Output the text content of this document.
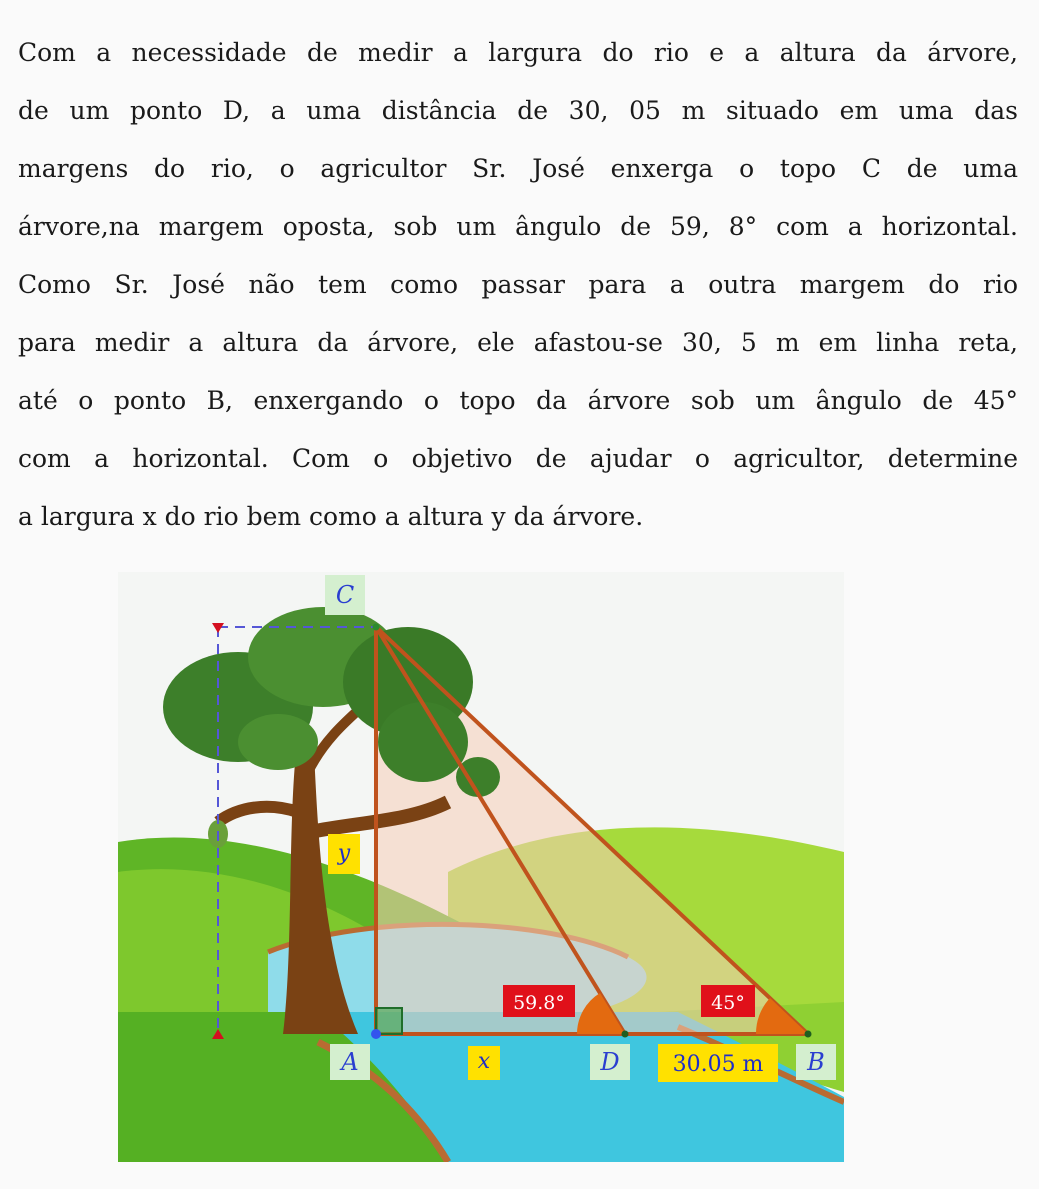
Com a necessidade de medir a largura do rio e a altura da árvore,

de um ponto D, a uma distância de 30, 05 m situado em uma das

margens do rio, o agricultor Sr. José enxerga o topo C de uma

árvore,na margem oposta, sob um ângulo de 59, 8° com a horizontal.

Como Sr. José não tem como passar para a outra margem do rio

para medir a altura da árvore, ele afastou-se 30, 5 m em linha reta,

até o ponto B, enxergando o topo da árvore sob um ângulo de 45°

com a horizontal. Com o objetivo de ajudar o agricultor, determine

a largura x do rio bem como a altura y da árvore.

C
A	D	B
y
x	30.05 m
59.8°	45°
